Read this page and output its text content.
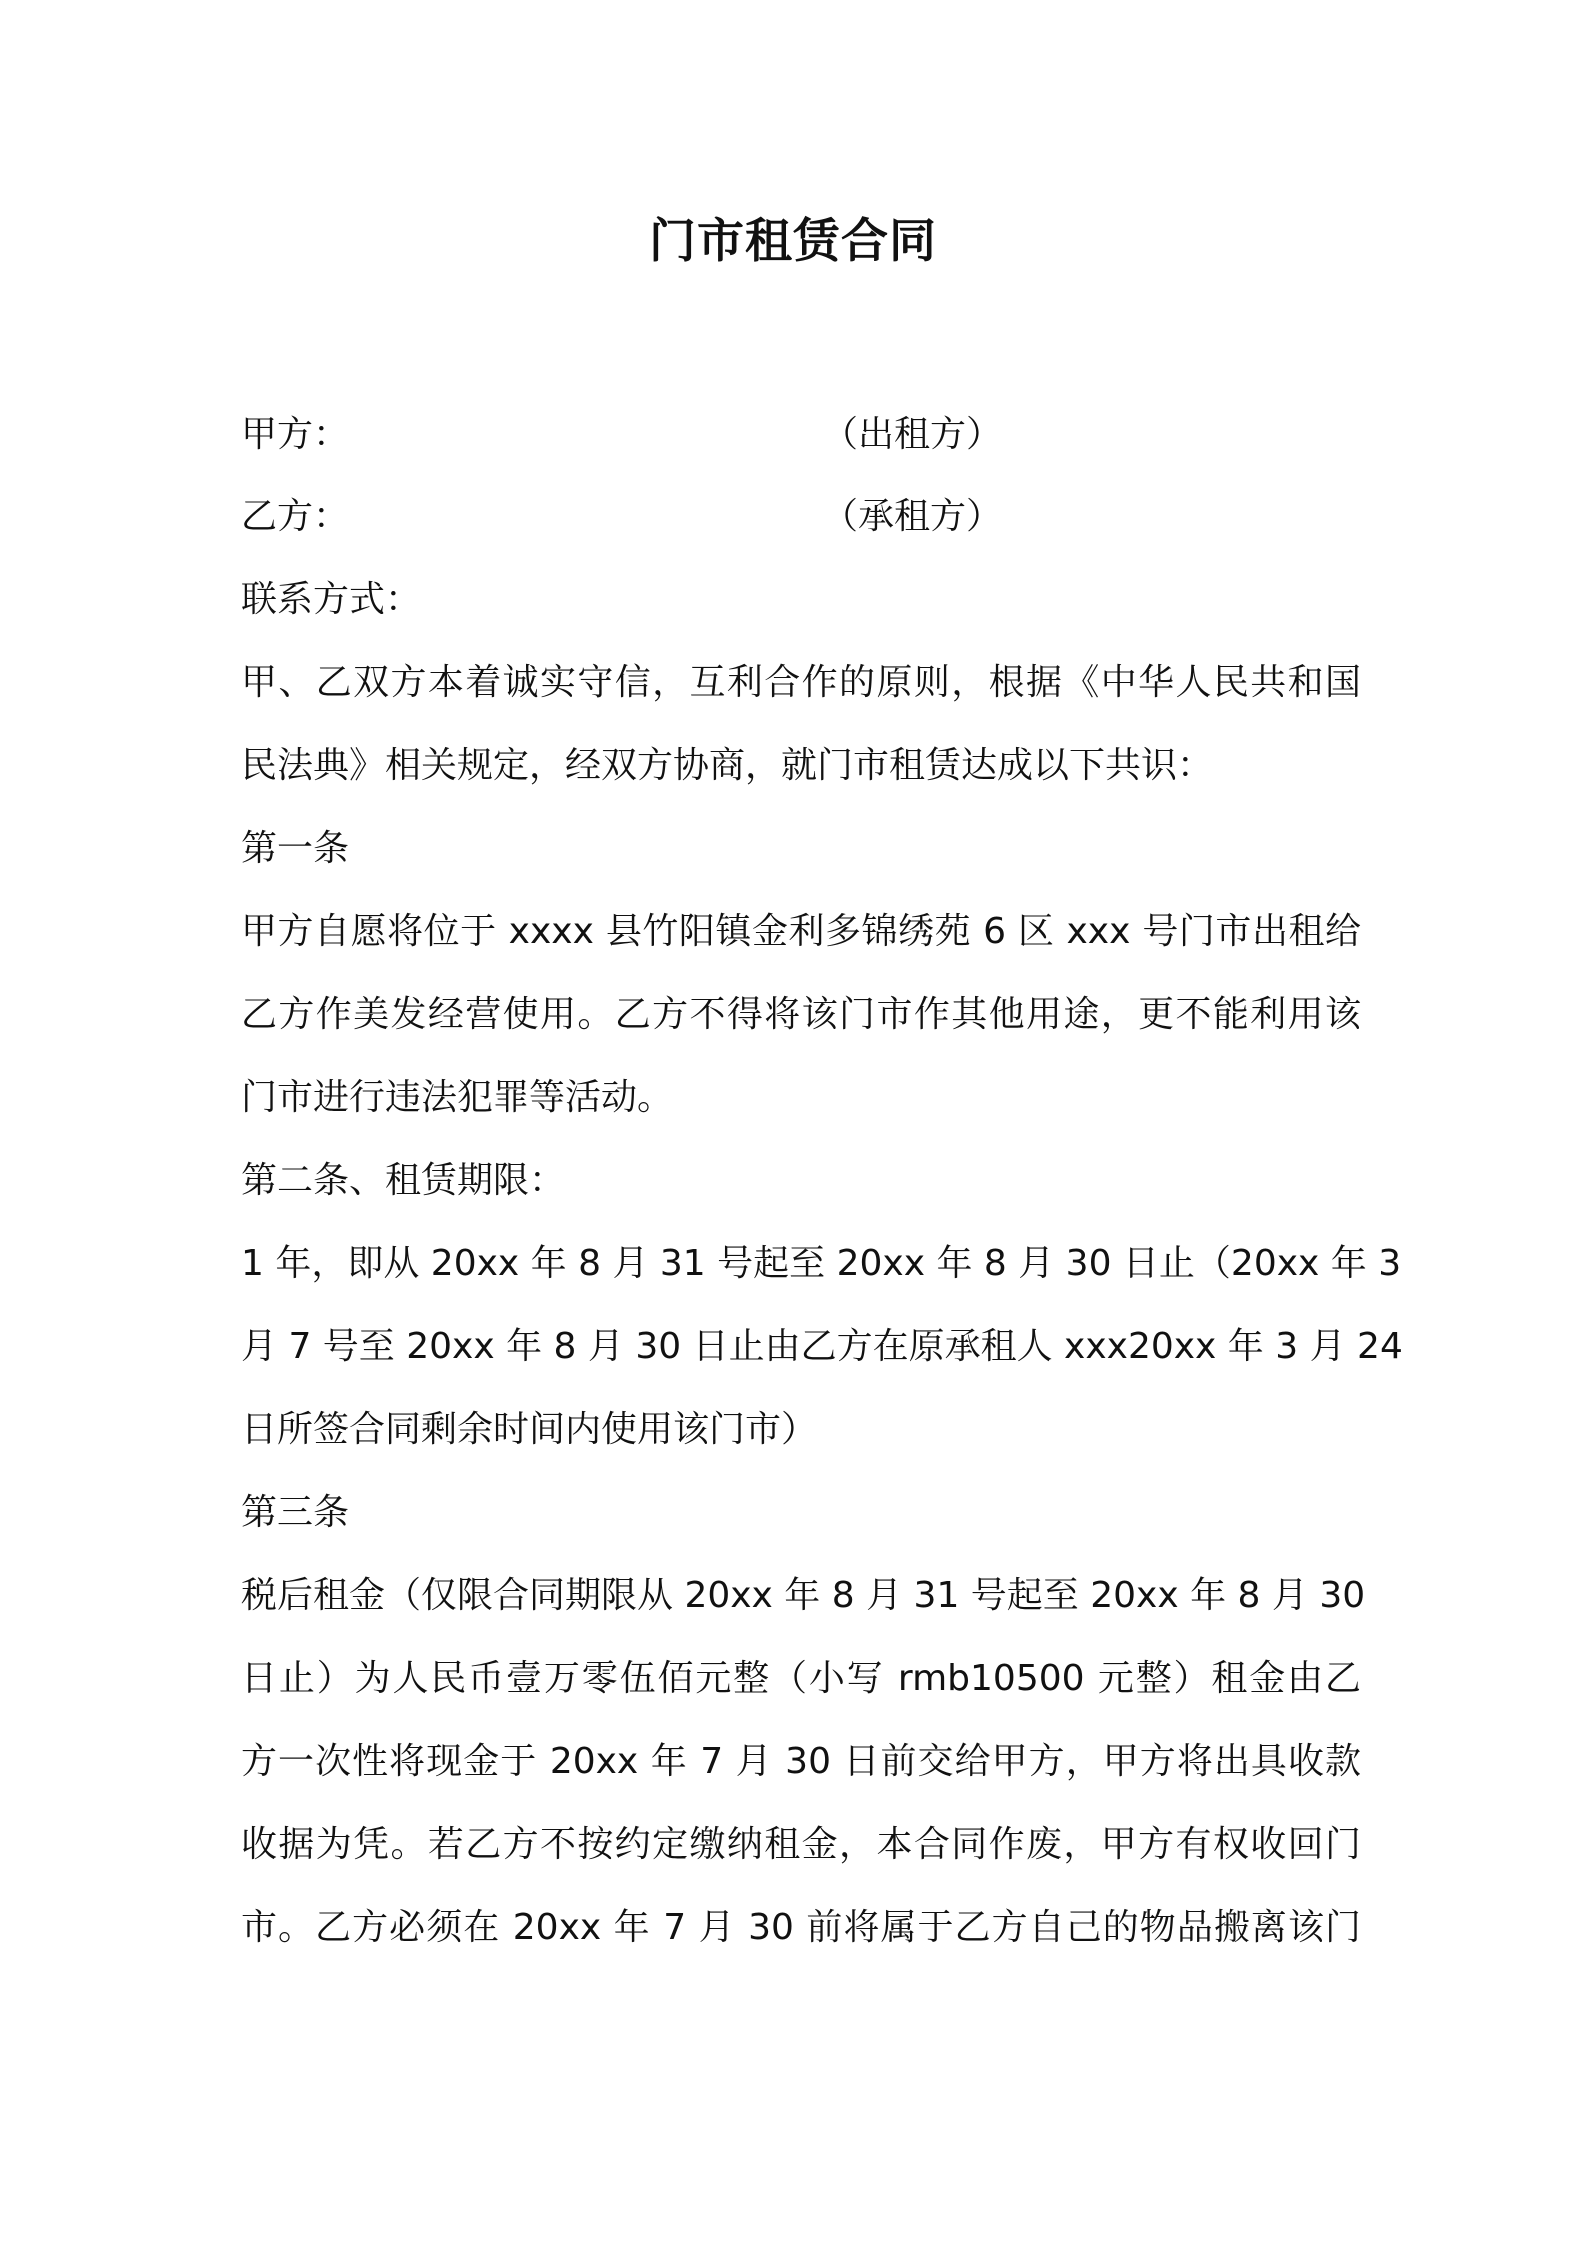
门市租赁合同
甲方：	（出租方）
乙方：	（承租方）
联系方式：
甲、乙双方本着诚实守信，互利合作的原则，根据《中华人民共和国
民法典》相关规定，经双方协商，就门市租赁达成以下共识：
第一条
甲方自愿将位于 xxxx 县竹阳镇金利多锦绣苑 6 区 xxx 号门市出租给
乙方作美发经营使用。乙方不得将该门市作其他用途，更不能利用该
门市进行违法犯罪等活动。
第二条、租赁期限：
1 年，即从 20xx 年 8 月 31 号起至 20xx 年 8 月 30 日止（20xx 年 3
月 7 号至 20xx 年 8 月 30 日止由乙方在原承租人 xxx20xx 年 3 月 24
日所签合同剩余时间内使用该门市）
第三条
税后租金（仅限合同期限从 20xx 年 8 月 31 号起至 20xx 年 8 月 30
日止）为人民币壹万零伍佰元整（小写 rmb10500 元整）租金由乙
方一次性将现金于 20xx 年 7 月 30 日前交给甲方，甲方将出具收款
收据为凭。若乙方不按约定缴纳租金，本合同作废，甲方有权收回门
市。乙方必须在 20xx 年 7 月 30 前将属于乙方自己的物品搬离该门
